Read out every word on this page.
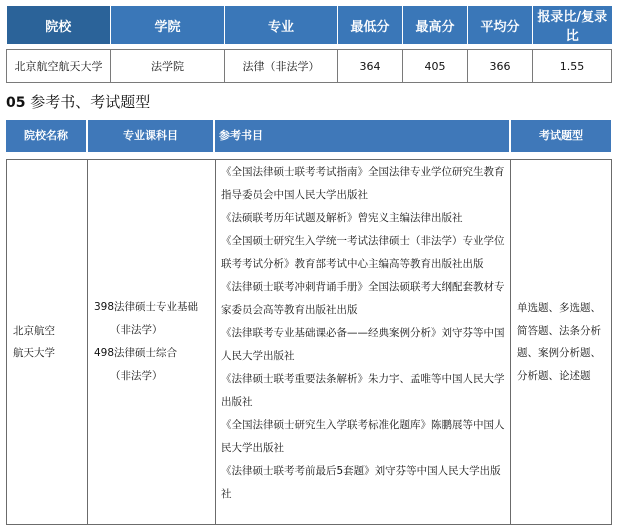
院校	学院	专业	最低分	最高分	平均分	报录比/复录比

北京航空航天大学	法学院	法律（非法学）	364	405	366	1.55
05 参考书、考试题型
院校名称	专业课科目	参考书目	考试题型
北京航空航天大学

398法律硕士专业基础
（非法学）
498法律硕士综合
（非法学）

《全国法律硕士联考考试指南》全国法律专业学位研究生教育指导委员会中国人民大学出版社
《法硕联考历年试题及解析》曾宪义主编法律出版社
《全国硕士研究生入学统一考试法律硕士（非法学）专业学位联考考试分析》教育部考试中心主编高等教育出版社出版
《法律硕士联考冲刺背诵手册》全国法硕联考大纲配套教材专家委员会高等教育出版社出版
《法律联考专业基础课必备——经典案例分析》刘守芬等中国人民大学出版社
《法律硕士联考重要法条解析》朱力宇、孟唯等中国人民大学出版社
《全国法律硕士研究生入学联考标准化题库》陈鹏展等中国人民大学出版社
《法律硕士联考考前最后5套题》刘守芬等中国人民大学出版社

单选题、多选题、
简答题、法条分析
题、案例分析题、
分析题、论述题
